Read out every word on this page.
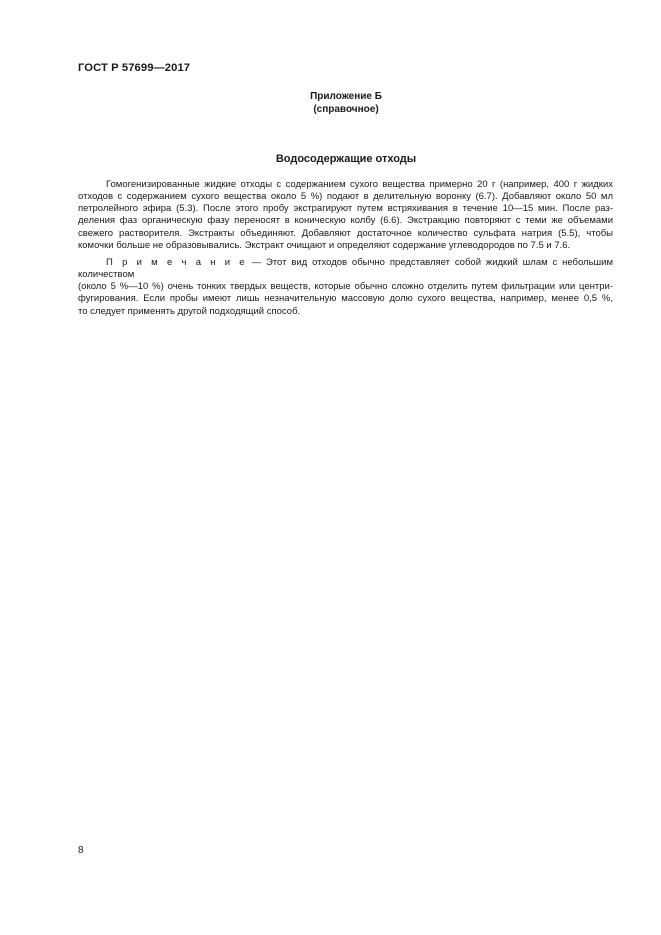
ГОСТ Р 57699—2017
Приложение Б
(справочное)
Водосодержащие отходы
Гомогенизированные жидкие отходы с содержанием сухого вещества примерно 20 г (например, 400 г жидких
отходов с содержанием сухого вещества около 5 %) подают в делительную воронку (6.7). Добавляют около 50 мл
петролейного эфира (5.3). После этого пробу экстрагируют путем встряхивания в течение 10—15 мин. После раз-
деления фаз органическую фазу переносят в коническую колбу (6.6). Экстракцию повторяют с теми же объемами
свежего растворителя. Экстракты объединяют. Добавляют достаточное количество сульфата натрия (5.5), чтобы
комочки больше не образовывались. Экстракт очищают и определяют содержание углеводородов по 7.5 и 7.6.
П р и м е ч а н и е — Этот вид отходов обычно представляет собой жидкий шлам с небольшим количеством
(около 5 %—10 %) очень тонких твердых веществ, которые обычно сложно отделить путем фильтрации или центри-
фугирования. Если пробы имеют лишь незначительную массовую долю сухого вещества, например, менее 0,5 %,
то следует применять другой подходящий способ.
8
